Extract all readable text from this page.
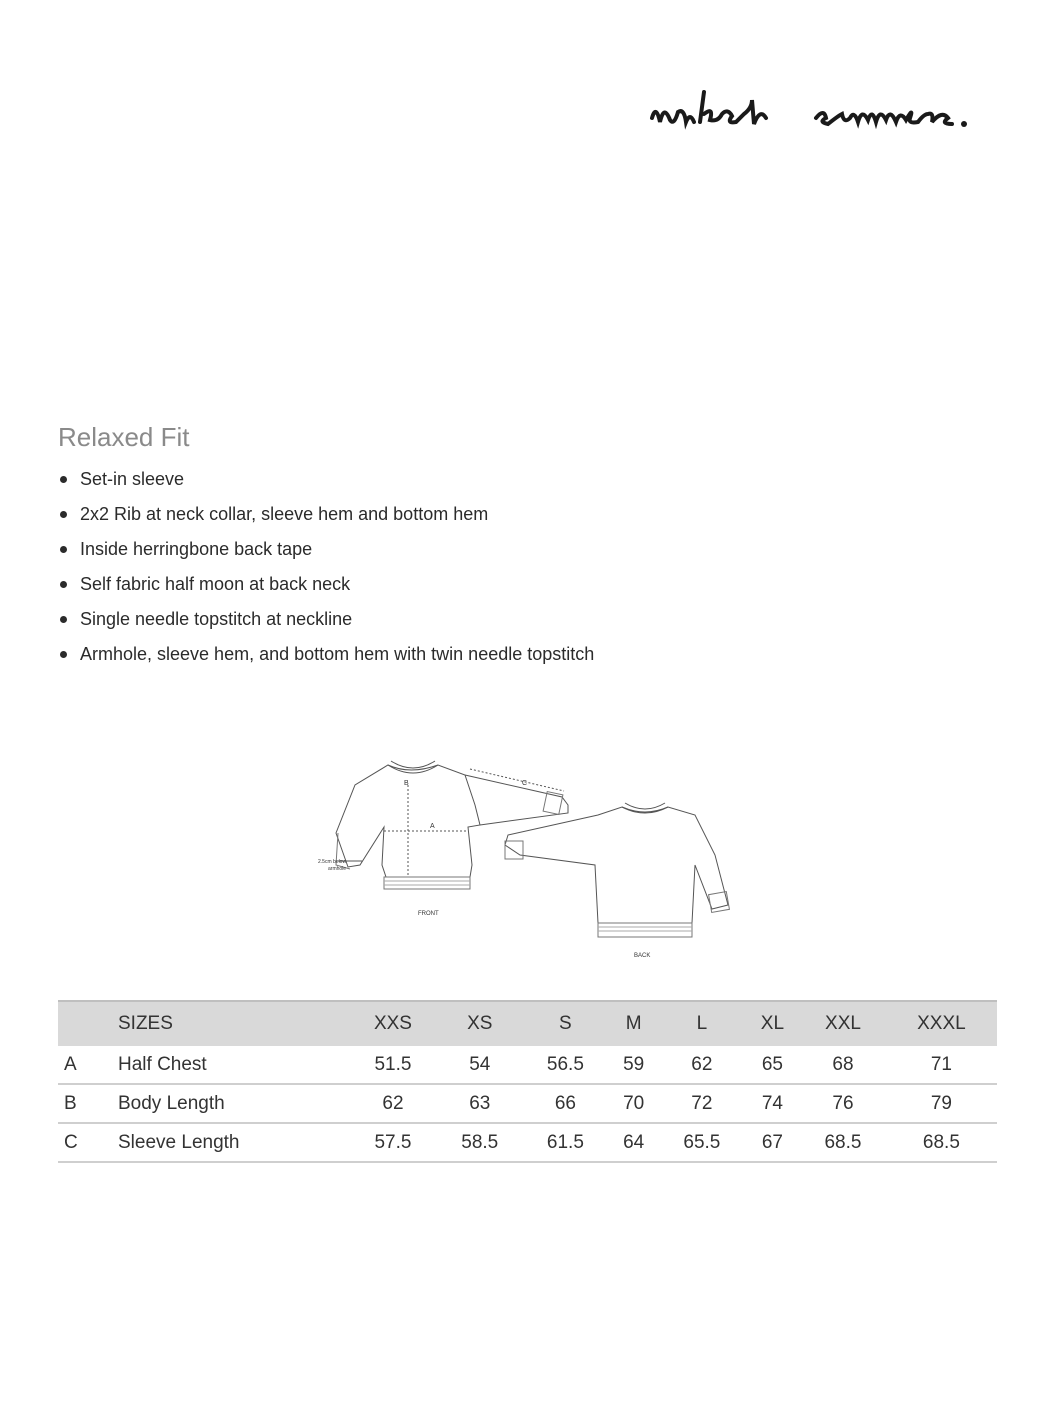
Relaxed Fit
Set-in sleeve
2x2 Rib at neck collar, sleeve hem and bottom hem
Inside herringbone back tape
Self fabric half moon at back neck
Single needle topstitch at neckline
Armhole, sleeve hem, and bottom hem with twin needle topstitch
B
A
C
2.5cm below
armhole
FRONT
BACK
	SIZES	XXS	XS	S	M	L	XL	XXL	XXXL
A	Half Chest	51.5	54	56.5	59	62	65	68	71
B	Body Length	62	63	66	70	72	74	76	79
C	Sleeve Length	57.5	58.5	61.5	64	65.5	67	68.5	68.5
